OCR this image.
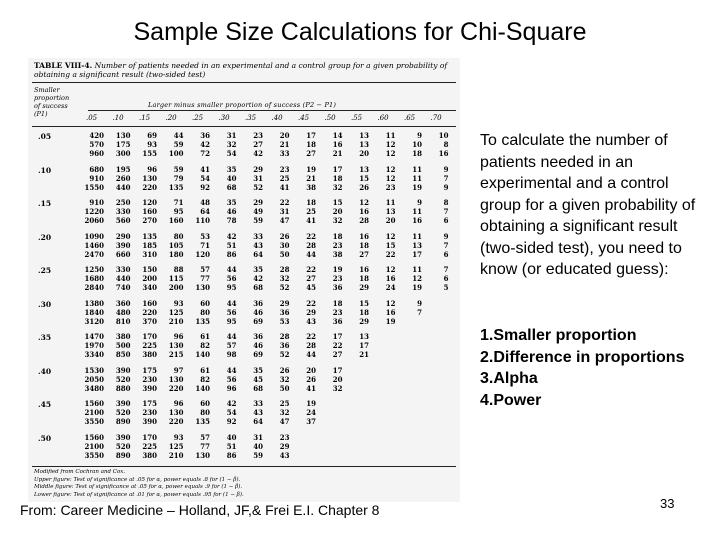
Sample Size Calculations for Chi-Square
TABLE VIII-4. Number of patients needed in an experimental and a control group for a given probability of obtaining a significant result (two-sided test)
Smaller proportion of success (P1)
Larger minus smaller proportion of success (P2 − P1)
.05 .10 .15 .20 .25 .30 .35 .40 .45 .50 .55 .60 .65 .70
.05	420	130	69	44	36	31	23	20	17	14	13	11	9	10
570	175	93	59	42	32	27	21	18	16	13	12	10	8
960	300	155	100	72	54	42	33	27	21	20	12	18	16
.10	680	195	96	59	41	35	29	23	19	17	13	12	11	9
910	260	130	79	54	40	31	25	21	18	15	12	11	7
1550	440	220	135	92	68	52	41	38	32	26	23	19	9
.15	910	250	120	71	48	35	29	22	18	15	12	11	9	8
1220	330	160	95	64	46	49	31	25	20	16	13	11	7
2060	560	270	160	110	78	59	47	41	32	28	20	16	6
.20	1090	290	135	80	53	42	33	26	22	18	16	12	11	9
1460	390	185	105	71	51	43	30	28	23	18	15	13	7
2470	660	310	180	120	86	64	50	44	38	27	22	17	6
.25	1250	330	150	88	57	44	35	28	22	19	16	12	11	7
1680	440	200	115	77	56	42	32	27	23	18	16	12	6
2840	740	340	200	130	95	68	52	45	36	29	24	19	5
.30	1380	360	160	93	60	44	36	29	22	18	15	12	9
1840	480	220	125	80	56	46	36	29	23	18	16	7
3120	810	370	210	135	95	69	53	43	36	29	19
.35	1470	380	170	96	61	44	36	28	22	17	13
1970	500	225	130	82	57	46	36	28	22	17
3340	850	380	215	140	98	69	52	44	27	21
.40	1530	390	175	97	61	44	35	26	20	17
2050	520	230	130	82	56	45	32	26	20
3480	880	390	220	140	96	68	50	41	32
.45	1560	390	175	96	60	42	33	25	19
2100	520	230	130	80	54	43	32	24
3550	890	390	220	135	92	64	47	37
.50	1560	390	170	93	57	40	31	23
2100	520	225	125	77	51	40	29
3550	890	380	210	130	86	59	43
Modified from Cochran and Cox.
Upper figure: Test of significance at .05 for α, power equals .8 for (1 − β).
Middle figure: Test of significance at .05 for α, power equals .9 for (1 − β).
Lower figure: Test of significance at .01 for α, power equals .95 for (1 − β).
To calculate the number of patients needed in an experimental and a control group for a given probability of obtaining a significant result (two-sided test), you need to know (or educated guess):
1.Smaller proportion
2.Difference in proportions
3.Alpha
4.Power
From: Career Medicine – Holland, JF,& Frei E.I. Chapter 8	33
